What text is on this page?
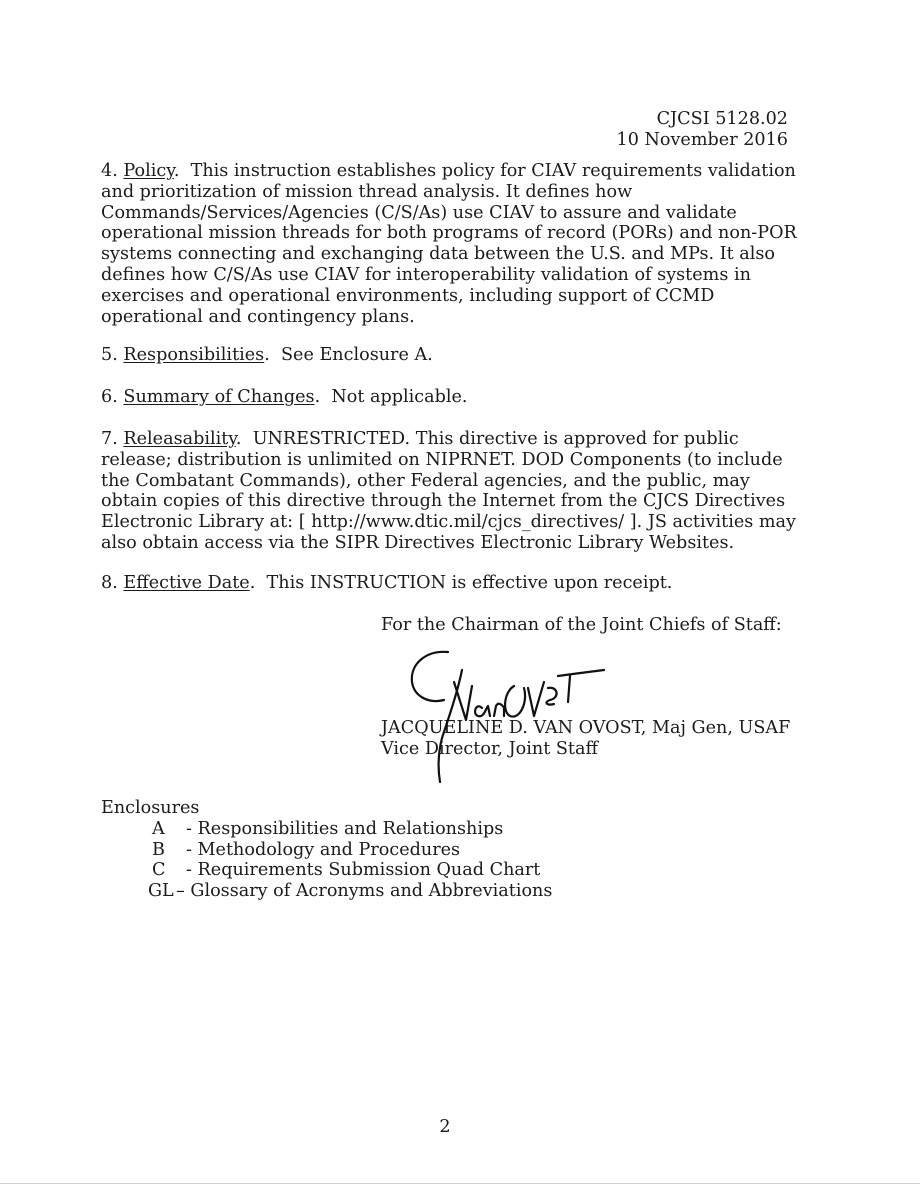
CJCSI 5128.02
10 November 2016
4. Policy.  This instruction establishes policy for CIAV requirements validation and prioritization of mission thread analysis. It defines how Commands/Services/Agencies (C/S/As) use CIAV to assure and validate operational mission threads for both programs of record (PORs) and non-POR systems connecting and exchanging data between the U.S. and MPs. It also defines how C/S/As use CIAV for interoperability validation of systems in exercises and operational environments, including support of CCMD operational and contingency plans.
5. Responsibilities.  See Enclosure A.
6. Summary of Changes.  Not applicable.
7. Releasability.  UNRESTRICTED. This directive is approved for public release; distribution is unlimited on NIPRNET. DOD Components (to include the Combatant Commands), other Federal agencies, and the public, may obtain copies of this directive through the Internet from the CJCS Directives Electronic Library at: [ http://www.dtic.mil/cjcs_directives/ ]. JS activities may also obtain access via the SIPR Directives Electronic Library Websites.
8. Effective Date.  This INSTRUCTION is effective upon receipt.
For the Chairman of the Joint Chiefs of Staff:
JACQUELINE D. VAN OVOST, Maj Gen, USAF
Vice Director, Joint Staff
Enclosures
A - Responsibilities and Relationships
B - Methodology and Procedures
C - Requirements Submission Quad Chart
GL – Glossary of Acronyms and Abbreviations
2
